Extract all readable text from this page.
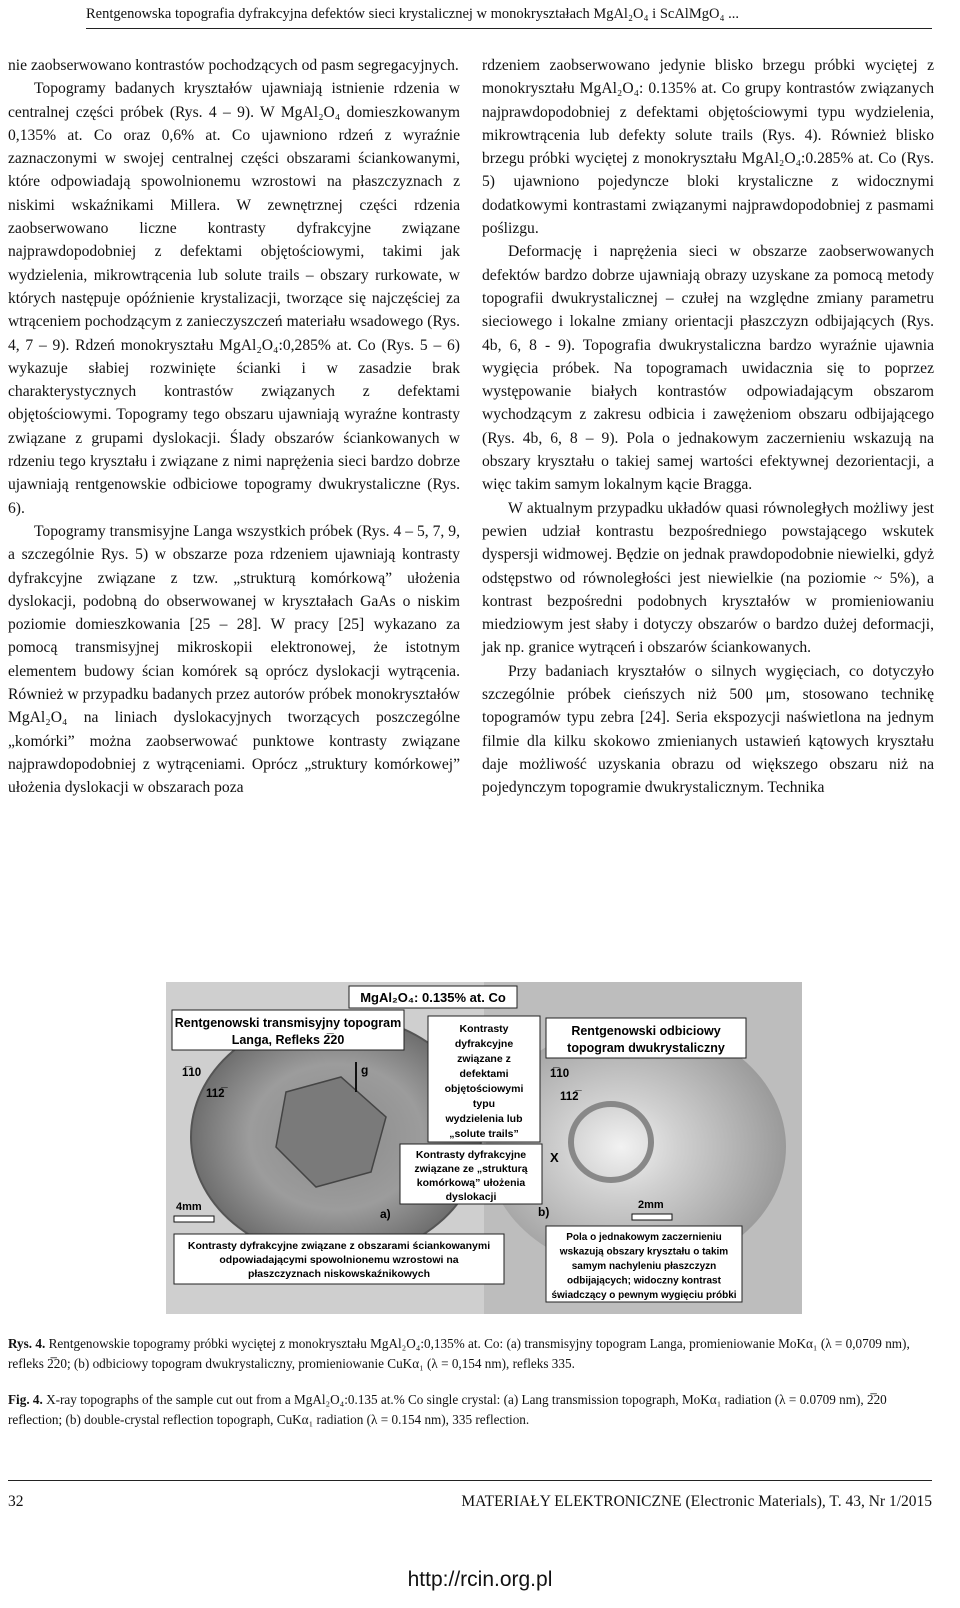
Rentgenowska topografia dyfrakcyjna defektów sieci krystalicznej w monokryształach MgAl₂O₄ i ScAlMgO₄ ...

nie zaobserwowano kontrastów pochodzących od pasm segregacyjnych.

Topogramy badanych kryształów ujawniają istnienie rdzenia w centralnej części próbek (Rys. 4 – 9). W MgAl₂O₄ domieszkowanym 0,135% at. Co oraz 0,6% at. Co ujawniono rdzeń z wyraźnie zaznaczonymi w swojej centralnej części obszarami ściankowanymi, które odpowiadają spowolnionemu wzrostowi na płaszczyznach z niskimi wskaźnikami Millera. W zewnętrznej części rdzenia zaobserwowano liczne kontrasty dyfrakcyjne związane najprawdopodobniej z defektami objętościowymi, takimi jak wydzielenia, mikrowtrącenia lub solute trails – obszary rurkowate, w których następuje opóźnienie krystalizacji, tworzące się najczęściej za wtrąceniem pochodzącym z zanieczyszczeń materiału wsadowego (Rys. 4, 7 – 9). Rdzeń monokryształu MgAl₂O₄:0,285% at. Co (Rys. 5 – 6) wykazuje słabiej rozwinięte ścianki i w zasadzie brak charakterystycznych kontrastów związanych z defektami objętościowymi. Topogramy tego obszaru ujawniają wyraźne kontrasty związane z grupami dyslokacji. Ślady obszarów ściankowanych w rdzeniu tego kryształu i związane z nimi naprężenia sieci bardzo dobrze ujawniają rentgenowskie odbiciowe topogramy dwukrystaliczne (Rys. 6).

Topogramy transmisyjne Langa wszystkich próbek (Rys. 4 – 5, 7, 9, a szczególnie Rys. 5) w obszarze poza rdzeniem ujawniają kontrasty dyfrakcyjne związane z tzw. „strukturą komórkową” ułożenia dyslokacji, podobną do obserwowanej w kryształach GaAs o niskim poziomie domieszkowania [25 – 28]. W pracy [25] wykazano za pomocą transmisyjnej mikroskopii elektronowej, że istotnym elementem budowy ścian komórek są oprócz dyslokacji wytrącenia. Również w przypadku badanych przez autorów próbek monokryształów MgAl₂O₄ na liniach dyslokacyjnych tworzących poszczególne „komórki” można zaobserwować punktowe kontrasty związane najprawdopodobniej z wytrąceniami. Oprócz „struktury komórkowej” ułożenia dyslokacji w obszarach poza

rdzeniem zaobserwowano jedynie blisko brzegu próbki wyciętej z monokryształu MgAl₂O₄: 0.135% at. Co grupy kontrastów związanych najprawdopodobniej z defektami objętościowymi typu wydzielenia, mikrowtrącenia lub defekty solute trails (Rys. 4). Również blisko brzegu próbki wyciętej z monokryształu MgAl₂O₄:0.285% at. Co (Rys. 5) ujawniono pojedyncze bloki krystaliczne z widocznymi dodatkowymi kontrastami związanymi najprawdopodobniej z pasmami poślizgu.

Deformację i naprężenia sieci w obszarze zaobserwowanych defektów bardzo dobrze ujawniają obrazy uzyskane za pomocą metody topografii dwukrystalicznej – czułej na względne zmiany parametru sieciowego i lokalne zmiany orientacji płaszczyzn odbijających (Rys. 4b, 6, 8 - 9). Topografia dwukrystaliczna bardzo wyraźnie ujawnia wygięcia próbek. Na topogramach uwidacznia się to poprzez występowanie białych kontrastów odpowiadającym obszarom wychodzącym z zakresu odbicia i zawężeniom obszaru odbijającego (Rys. 4b, 6, 8 – 9). Pola o jednakowym zaczernieniu wskazują na obszary kryształu o takiej samej wartości efektywnej dezorientacji, a więc takim samym lokalnym kącie Bragga.

W aktualnym przypadku układów quasi równoległych możliwy jest pewien udział kontrastu bezpośredniego powstającego wskutek dyspersji widmowej. Będzie on jednak prawdopodobnie niewielki, gdyż odstępstwo od równoległości jest niewielkie (na poziomie ~ 5%), a kontrast bezpośredni podobnych kryształów w promieniowaniu miedziowym jest słaby i dotyczy obszarów o bardzo dużej deformacji, jak np. granice wytrąceń i obszarów ściankowanych.

Przy badaniach kryształów o silnych wygięciach, co dotyczyło szczególnie próbek cieńszych niż 500 μm, stosowano technikę topogramów typu zebra [24]. Seria ekspozycji naświetlona na jednym filmie dla kilku skokowo zmienianych ustawień kątowych kryształu daje możliwość uzyskania obrazu od większego obszaru niż na pojedynczym topogramie dwukrystalicznym. Technika

MgAl₂O₄: 0.135% at. Co
Rentgenowski transmisyjny topogram
Langa, Refleks 2̅20
Rentgenowski odbiciowy
topogram dwukrystaliczny
g
1̅10
112̅
1̅10
112̅
Kontrasty
dyfrakcyjne
związane z
defektami
objętościowymi
typu
wydzielenia lub
„solute trails”
Kontrasty dyfrakcyjne
związane ze „strukturą
komórkową” ułożenia
dyslokacji
X
4mm	2mm
a)	b)
Kontrasty dyfrakcyjne związane z obszarami ściankowanymi
odpowiadającymi spowolnionemu wzrostowi na
płaszczyznach niskowskaźnikowych
Pola o jednakowym zaczernieniu
wskazują obszary kryształu o takim
samym nachyleniu płaszczyzn
odbijających; widoczny kontrast
świadczący o pewnym wygięciu próbki
Rys. 4. Rentgenowskie topogramy próbki wyciętej z monokryształu MgAl₂O₄:0,135% at. Co: (a) transmisyjny topogram Langa, promieniowanie MoKα₁ (λ = 0,0709 nm), refleks 2̅20; (b) odbiciowy topogram dwukrystaliczny, promieniowanie CuKα₁ (λ = 0,154 nm), refleks 335.
Fig. 4. X-ray topographs of the sample cut out from a MgAl₂O₄:0.135 at.% Co single crystal: (a) Lang transmission topograph, MoKα₁ radiation (λ = 0.0709 nm), 2̅20 reflection; (b) double-crystal reflection topograph, CuKα₁ radiation (λ = 0.154 nm), 335 reflection.
32	MATERIAŁY ELEKTRONICZNE (Electronic Materials), T. 43, Nr 1/2015
http://rcin.org.pl
